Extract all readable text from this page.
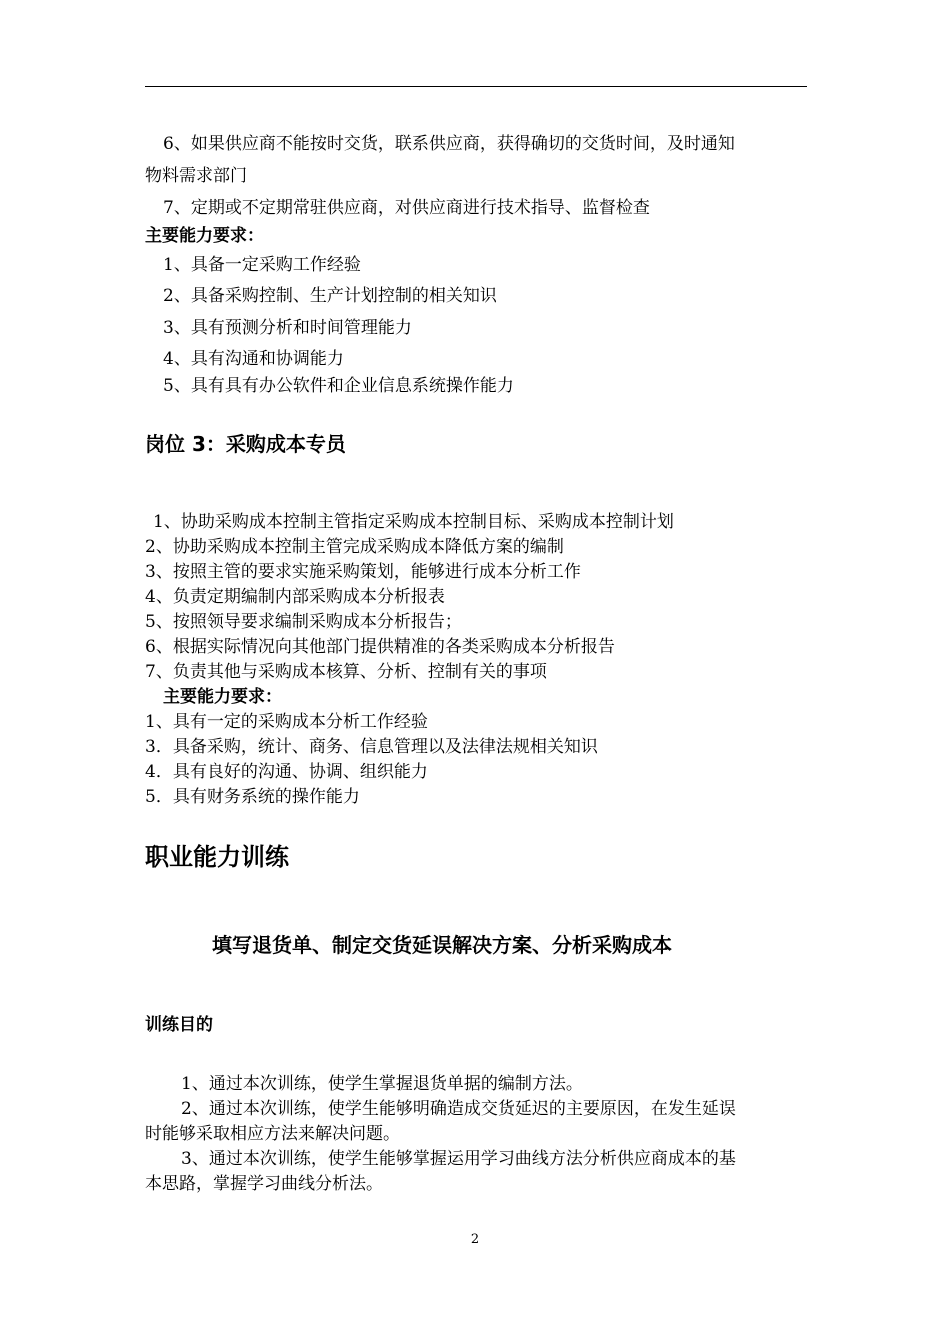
6、如果供应商不能按时交货，联系供应商，获得确切的交货时间，及时通知
物料需求部门
7、定期或不定期常驻供应商，对供应商进行技术指导、监督检查
主要能力要求：
1、具备一定采购工作经验
2、具备采购控制、生产计划控制的相关知识
3、具有预测分析和时间管理能力
4、具有沟通和协调能力
5、具有具有办公软件和企业信息系统操作能力
岗位 3：采购成本专员
1、协助采购成本控制主管指定采购成本控制目标、采购成本控制计划
2、协助采购成本控制主管完成采购成本降低方案的编制
3、按照主管的要求实施采购策划，能够进行成本分析工作
4、负责定期编制内部采购成本分析报表
5、按照领导要求编制采购成本分析报告；
6、根据实际情况向其他部门提供精准的各类采购成本分析报告
7、负责其他与采购成本核算、分析、控制有关的事项
主要能力要求：
1、具有一定的采购成本分析工作经验
3．具备采购，统计、商务、信息管理以及法律法规相关知识
4．具有良好的沟通、协调、组织能力
5．具有财务系统的操作能力
职业能力训练
填写退货单、制定交货延误解决方案、分析采购成本
训练目的
1、通过本次训练，使学生掌握退货单据的编制方法。
2、通过本次训练，使学生能够明确造成交货延迟的主要原因，在发生延误
时能够采取相应方法来解决问题。
3、通过本次训练，使学生能够掌握运用学习曲线方法分析供应商成本的基
本思路，掌握学习曲线分析法。
2
